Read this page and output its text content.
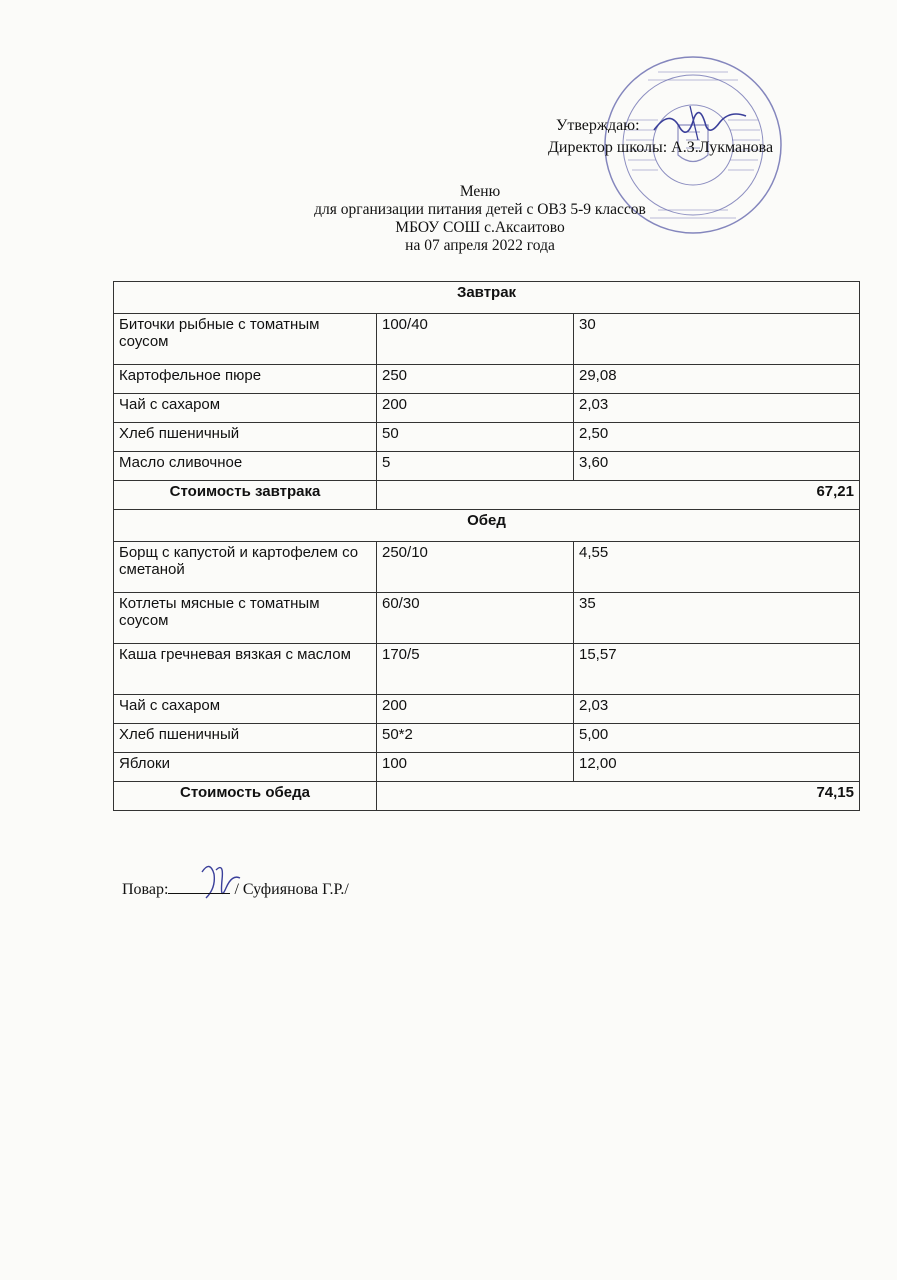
Утверждаю:
Директор школы: А.З.Лукманова
Меню
для организации питания детей с ОВЗ 5-9 классов
МБОУ СОШ с.Аксаитово
на 07 апреля 2022 года
Завтрак		
Биточки рыбные с томатным соусом	100/40	30
Картофельное пюре	250	29,08
Чай с сахаром	200	2,03
Хлеб пшеничный	50	2,50
Масло сливочное	5	3,60
Стоимость завтрака	67,21	
Обед		
Борщ с капустой и картофелем со сметаной	250/10	4,55
Котлеты мясные с томатным соусом	60/30	35
Каша гречневая вязкая с маслом	170/5	15,57
Чай с сахаром	200	2,03
Хлеб пшеничный	50*2	5,00
Яблоки	100	12,00
Стоимость обеда	74,15	
Повар:	/ Суфиянова Г.Р./
